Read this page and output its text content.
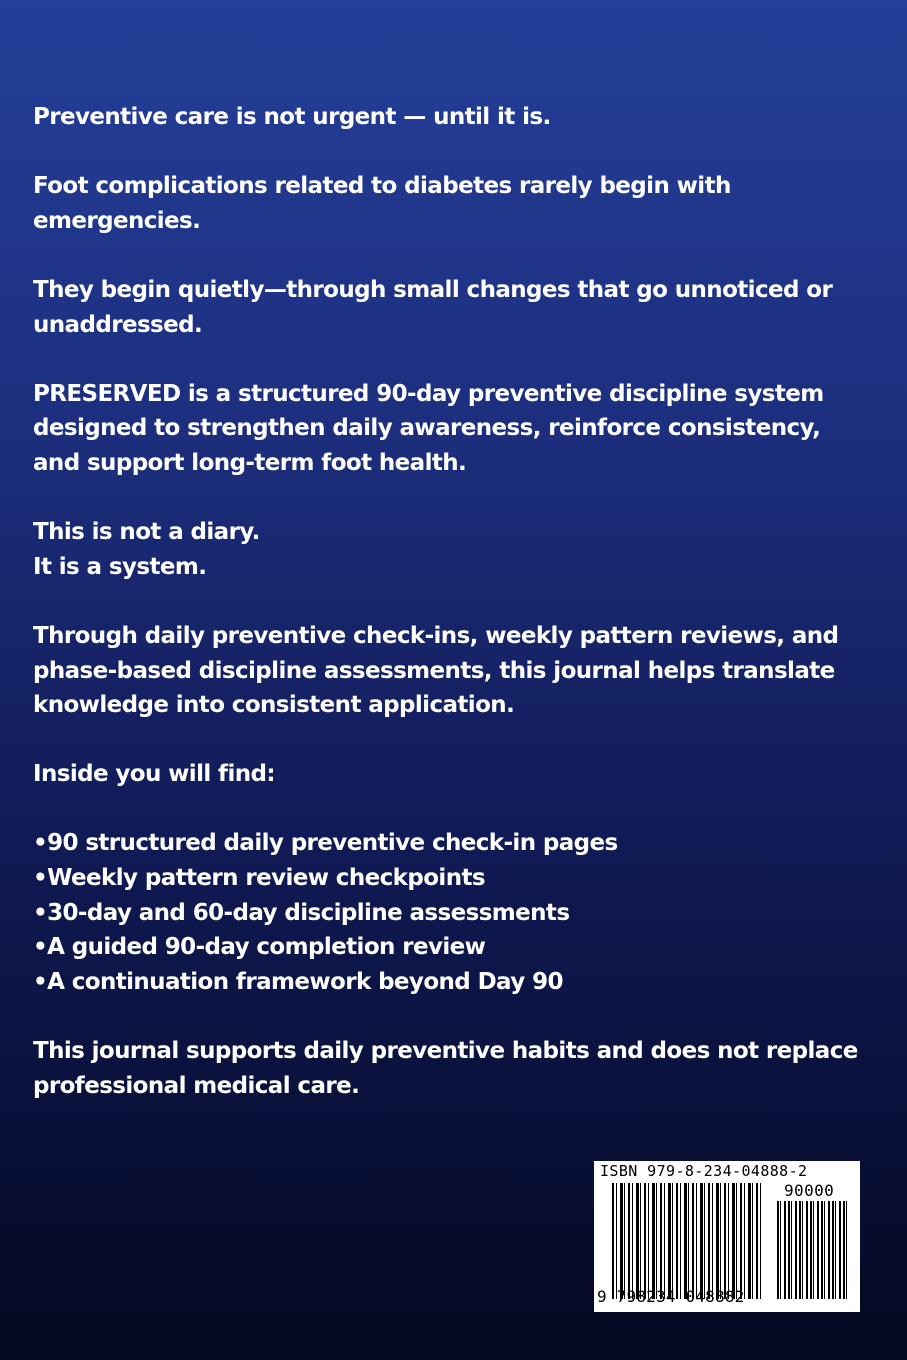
Preventive care is not urgent — until it is.

Foot complications related to diabetes rarely begin with emergencies.

They begin quietly—through small changes that go unnoticed or unaddressed.

PRESERVED is a structured 90-day preventive discipline system designed to strengthen daily awareness, reinforce consistency, and support long-term foot health.

This is not a diary.
It is a system.

Through daily preventive check-ins, weekly pattern reviews, and phase-based discipline assessments, this journal helps translate knowledge into consistent application.

Inside you will find:

•90 structured daily preventive check-in pages
•Weekly pattern review checkpoints
•30-day and 60-day discipline assessments
•A guided 90-day completion review
•A continuation framework beyond Day 90

This journal supports daily preventive habits and does not replace professional medical care.

ISBN 979-8-234-04888-2
90000
9 798234 048882
